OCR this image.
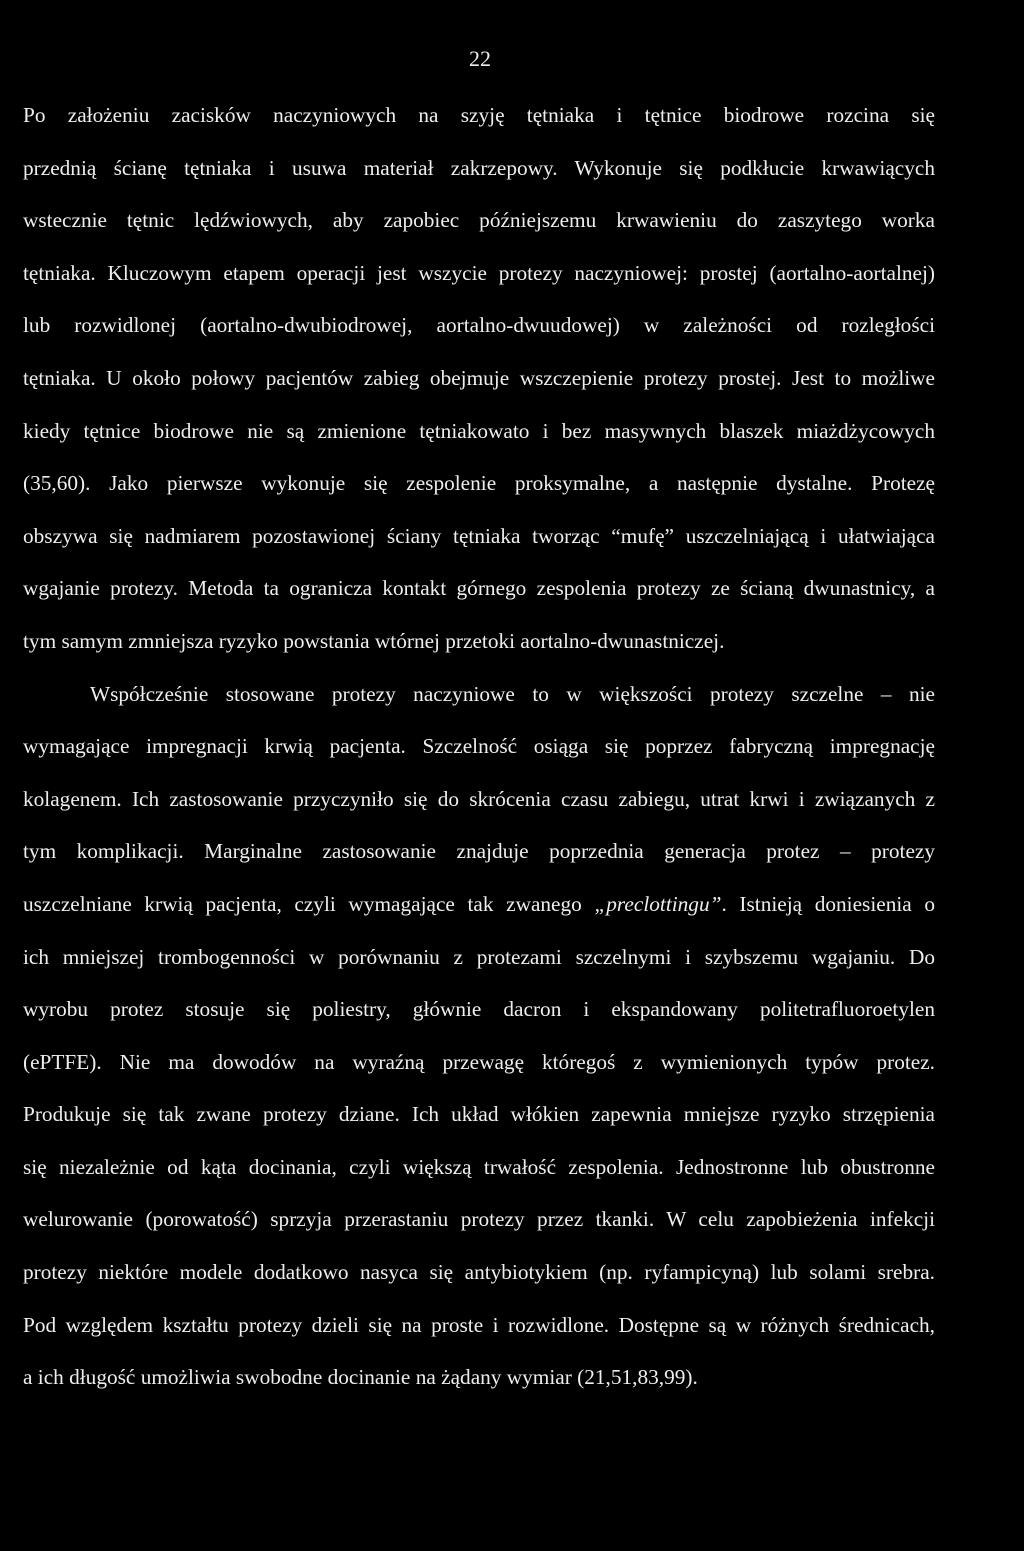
22
Po założeniu zacisków naczyniowych na szyję tętniaka i tętnice biodrowe rozcina się
przednią ścianę tętniaka i usuwa materiał zakrzepowy. Wykonuje się podkłucie krwawiących
wstecznie tętnic lędźwiowych, aby zapobiec późniejszemu krwawieniu do zaszytego worka
tętniaka. Kluczowym etapem operacji jest wszycie protezy naczyniowej: prostej (aortalno-aortalnej)
lub rozwidlonej (aortalno-dwubiodrowej, aortalno-dwuudowej) w zależności od rozległości
tętniaka. U około połowy pacjentów zabieg obejmuje wszczepienie protezy prostej. Jest to możliwe
kiedy tętnice biodrowe nie są zmienione tętniakowato i bez masywnych blaszek miażdżycowych
(35,60). Jako pierwsze wykonuje się zespolenie proksymalne, a następnie dystalne. Protezę
obszywa się nadmiarem pozostawionej ściany tętniaka tworząc “mufę” uszczelniającą i ułatwiająca
wgajanie protezy. Metoda ta ogranicza kontakt górnego zespolenia protezy ze ścianą dwunastnicy, a
tym samym zmniejsza ryzyko powstania wtórnej przetoki aortalno-dwunastniczej.
Współcześnie stosowane protezy naczyniowe to w większości protezy szczelne – nie
wymagające impregnacji krwią pacjenta. Szczelność osiąga się poprzez fabryczną impregnację
kolagenem. Ich zastosowanie przyczyniło się do skrócenia czasu zabiegu, utrat krwi i związanych z
tym komplikacji. Marginalne zastosowanie znajduje poprzednia generacja protez – protezy
uszczelniane krwią pacjenta, czyli wymagające tak zwanego „preclottingu”. Istnieją doniesienia o
ich mniejszej trombogenności w porównaniu z protezami szczelnymi i szybszemu wgajaniu. Do
wyrobu protez stosuje się poliestry, głównie dacron i ekspandowany politetrafluoroetylen
(ePTFE). Nie ma dowodów na wyraźną przewagę któregoś z wymienionych typów protez.
Produkuje się tak zwane protezy dziane. Ich układ włókien zapewnia mniejsze ryzyko strzępienia
się niezależnie od kąta docinania, czyli większą trwałość zespolenia. Jednostronne lub obustronne
welurowanie (porowatość) sprzyja przerastaniu protezy przez tkanki. W celu zapobieżenia infekcji
protezy niektóre modele dodatkowo nasyca się antybiotykiem (np. ryfampicyną) lub solami srebra.
Pod względem kształtu protezy dzieli się na proste i rozwidlone. Dostępne są w różnych średnicach,
a ich długość umożliwia swobodne docinanie na żądany wymiar (21,51,83,99).
